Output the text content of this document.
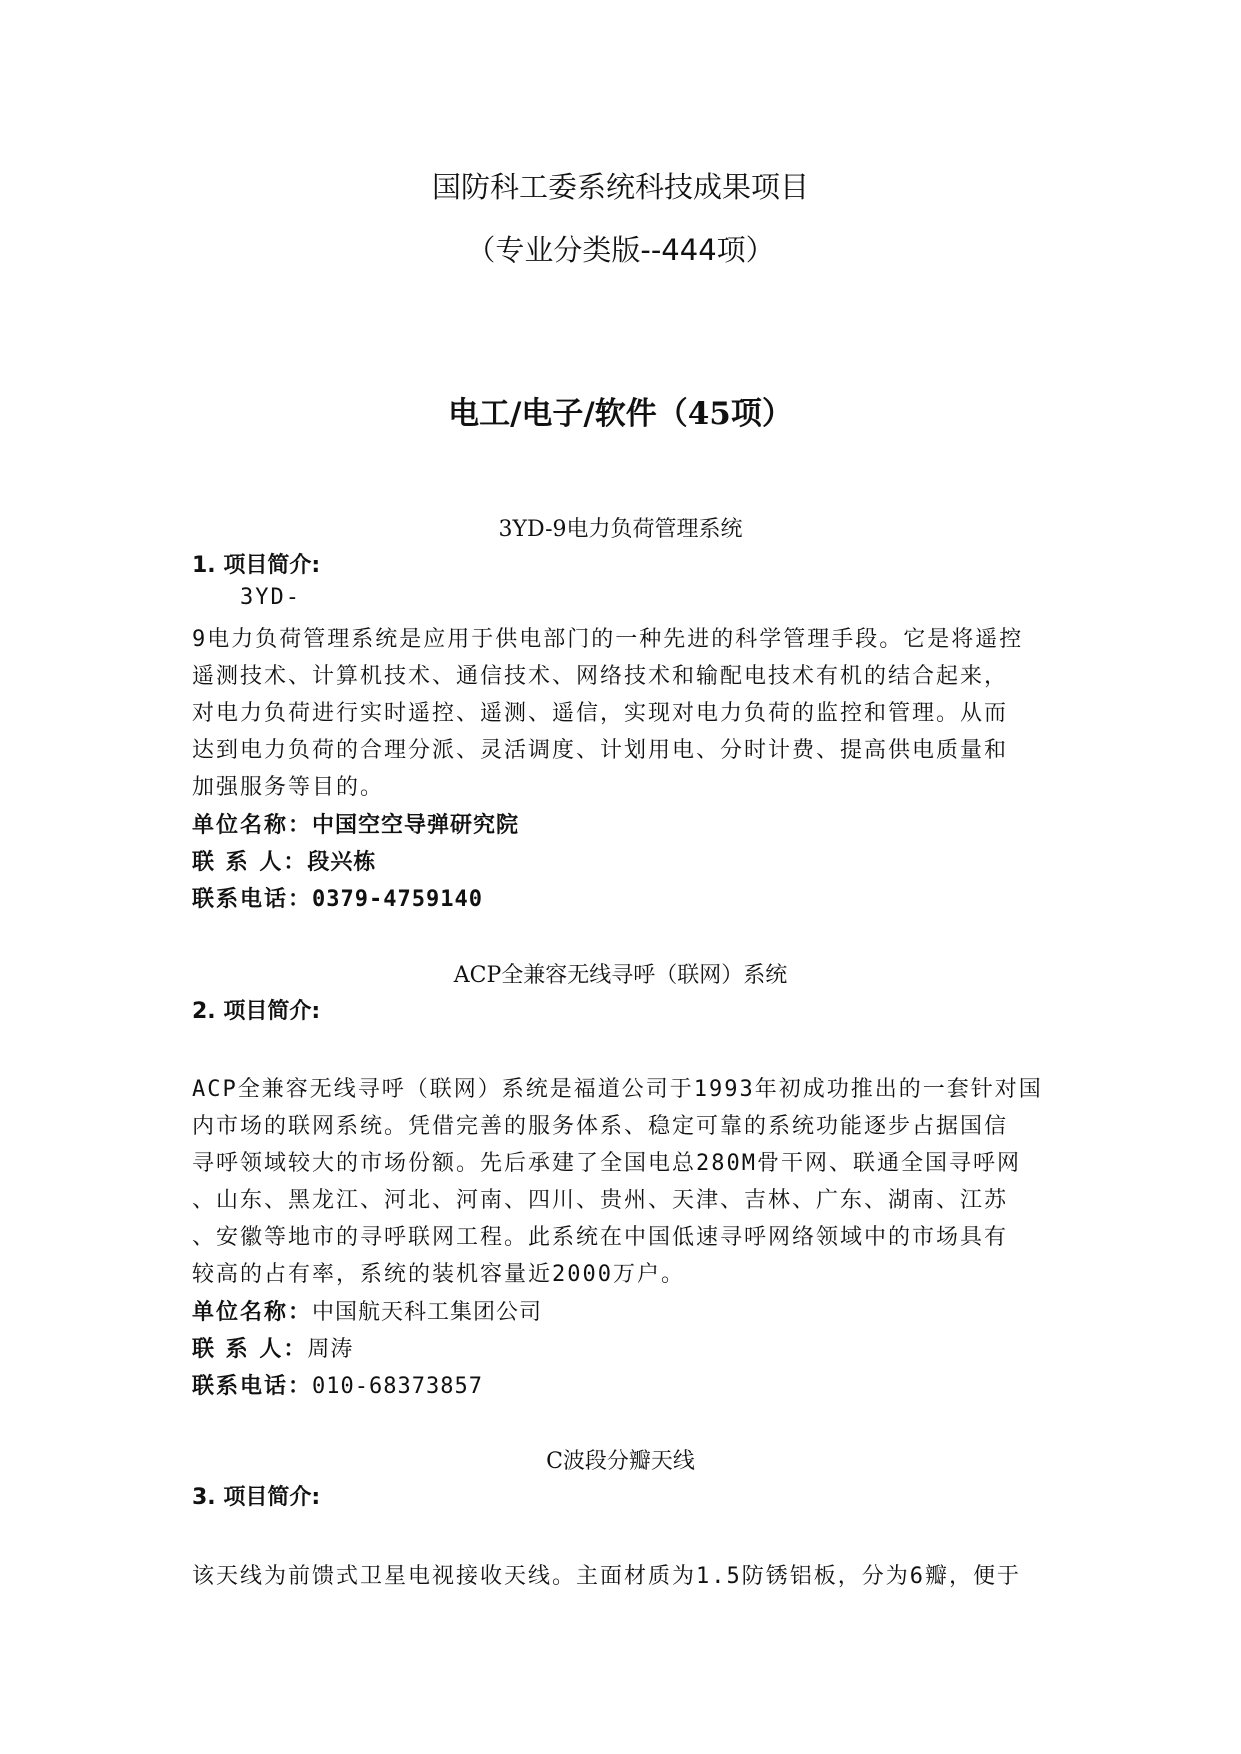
国防科工委系统科技成果项目
（专业分类版--444项）
电工/电子/软件（45项）
3YD-9电力负荷管理系统
1. 项目简介:
3YD-
9电力负荷管理系统是应用于供电部门的一种先进的科学管理手段。它是将遥控
遥测技术、计算机技术、通信技术、网络技术和输配电技术有机的结合起来，
对电力负荷进行实时遥控、遥测、遥信，实现对电力负荷的监控和管理。从而
达到电力负荷的合理分派、灵活调度、计划用电、分时计费、提高供电质量和
加强服务等目的。
单位名称：中国空空导弹研究院
联 系 人：段兴栋
联系电话：0379-4759140
ACP全兼容无线寻呼（联网）系统
2. 项目简介:
ACP全兼容无线寻呼（联网）系统是福道公司于1993年初成功推出的一套针对国
内市场的联网系统。凭借完善的服务体系、稳定可靠的系统功能逐步占据国信
寻呼领域较大的市场份额。先后承建了全国电总280M骨干网、联通全国寻呼网
、山东、黑龙江、河北、河南、四川、贵州、天津、吉林、广东、湖南、江苏
、安徽等地市的寻呼联网工程。此系统在中国低速寻呼网络领域中的市场具有
较高的占有率，系统的装机容量近2000万户。
单位名称：中国航天科工集团公司
联 系 人：周涛
联系电话：010-68373857
C波段分瓣天线
3. 项目简介:
该天线为前馈式卫星电视接收天线。主面材质为1.5防锈铝板，分为6瓣，便于
